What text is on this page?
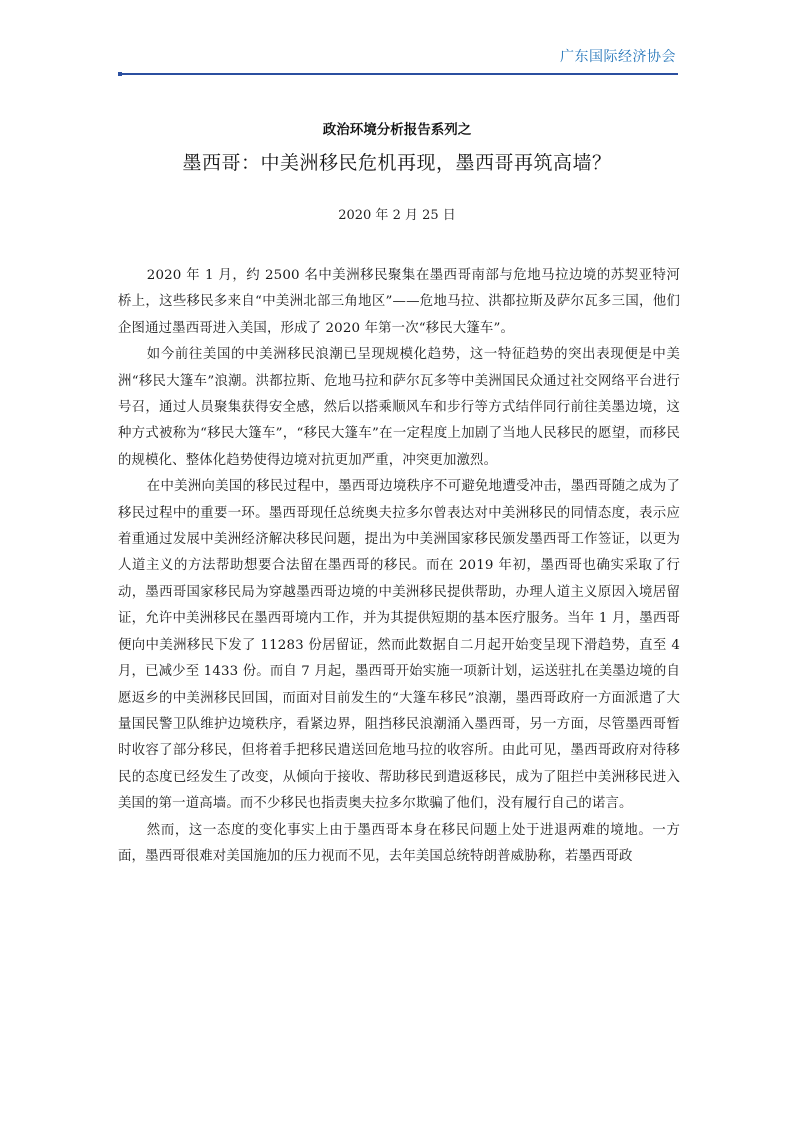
广东国际经济协会
政治环境分析报告系列之
墨西哥：中美洲移民危机再现，墨西哥再筑高墙？
2020 年 2 月 25 日

2020 年 1 月，约 2500 名中美洲移民聚集在墨西哥南部与危地马拉边境的苏契亚特河桥上，这些移民多来自“中美洲北部三角地区”——危地马拉、洪都拉斯及萨尔瓦多三国，他们企图通过墨西哥进入美国，形成了 2020 年第一次“移民大篷车”。

如今前往美国的中美洲移民浪潮已呈现规模化趋势，这一特征趋势的突出表现便是中美洲“移民大篷车”浪潮。洪都拉斯、危地马拉和萨尔瓦多等中美洲国民众通过社交网络平台进行号召，通过人员聚集获得安全感，然后以搭乘顺风车和步行等方式结伴同行前往美墨边境，这种方式被称为“移民大篷车”，“移民大篷车”在一定程度上加剧了当地人民移民的愿望，而移民的规模化、整体化趋势使得边境对抗更加严重，冲突更加激烈。

在中美洲向美国的移民过程中，墨西哥边境秩序不可避免地遭受冲击，墨西哥随之成为了移民过程中的重要一环。墨西哥现任总统奥夫拉多尔曾表达对中美洲移民的同情态度，表示应着重通过发展中美洲经济解决移民问题，提出为中美洲国家移民颁发墨西哥工作签证，以更为人道主义的方法帮助想要合法留在墨西哥的移民。而在 2019 年初，墨西哥也确实采取了行动，墨西哥国家移民局为穿越墨西哥边境的中美洲移民提供帮助，办理人道主义原因入境居留证，允许中美洲移民在墨西哥境内工作，并为其提供短期的基本医疗服务。当年 1 月，墨西哥便向中美洲移民下发了 11283 份居留证，然而此数据自二月起开始变呈现下滑趋势，直至 4 月，已减少至 1433 份。而自 7 月起，墨西哥开始实施一项新计划，运送驻扎在美墨边境的自愿返乡的中美洲移民回国，而面对目前发生的“大篷车移民”浪潮，墨西哥政府一方面派遣了大量国民警卫队维护边境秩序，看紧边界，阻挡移民浪潮涌入墨西哥，另一方面，尽管墨西哥暂时收容了部分移民，但将着手把移民遣送回危地马拉的收容所。由此可见，墨西哥政府对待移民的态度已经发生了改变，从倾向于接收、帮助移民到遣返移民，成为了阻拦中美洲移民进入美国的第一道高墙。而不少移民也指责奥夫拉多尔欺骗了他们，没有履行自己的诺言。

然而，这一态度的变化事实上由于墨西哥本身在移民问题上处于进退两难的境地。一方面，墨西哥很难对美国施加的压力视而不见，去年美国总统特朗普威胁称，若墨西哥政
